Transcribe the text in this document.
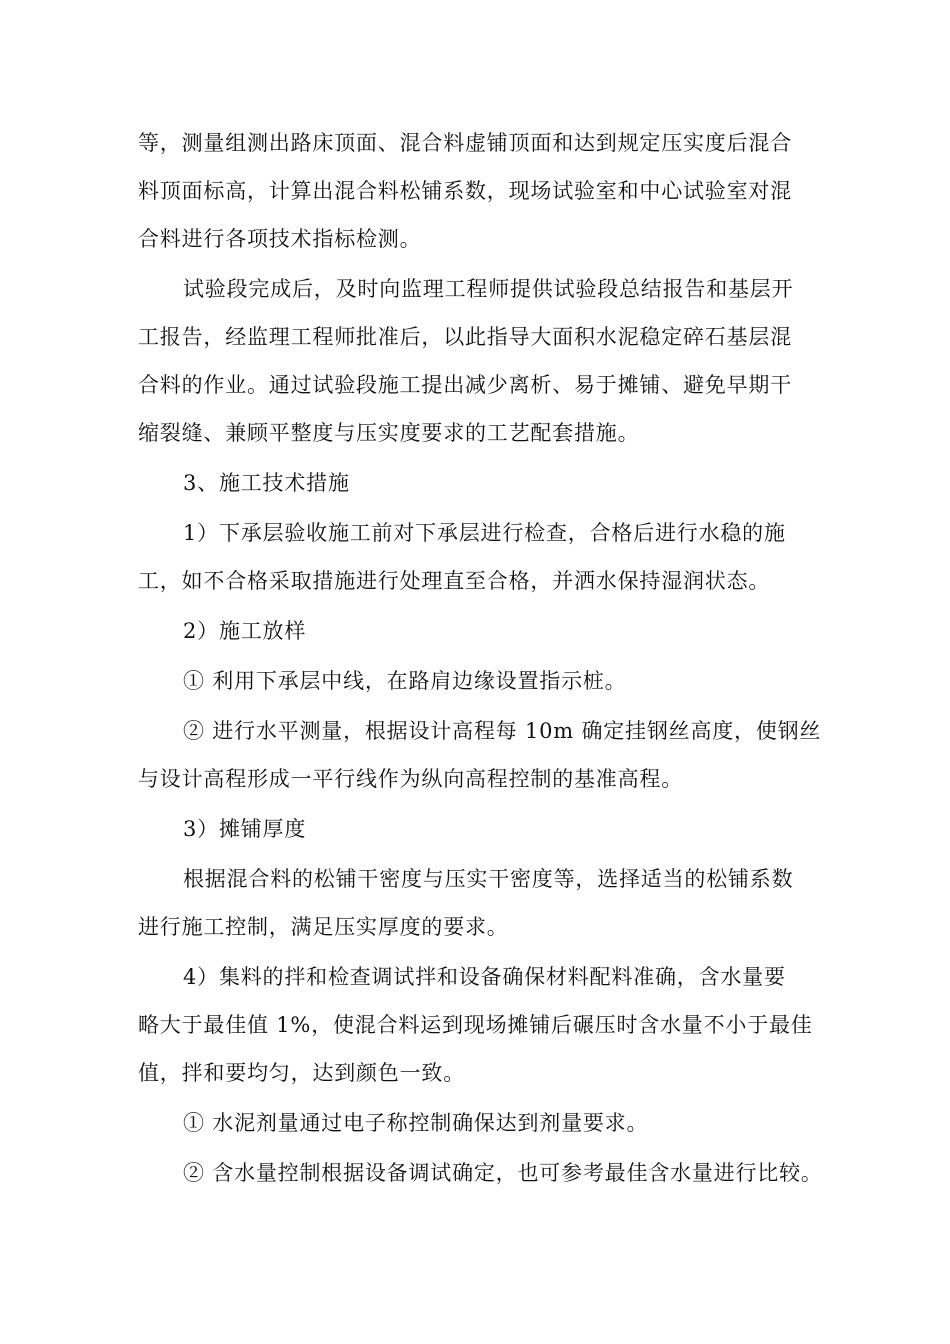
等，测量组测出路床顶面、混合料虚铺顶面和达到规定压实度后混合
料顶面标高，计算出混合料松铺系数，现场试验室和中心试验室对混
合料进行各项技术指标检测。
试验段完成后，及时向监理工程师提供试验段总结报告和基层开
工报告，经监理工程师批准后，以此指导大面积水泥稳定碎石基层混
合料的作业。通过试验段施工提出减少离析、易于摊铺、避免早期干
缩裂缝、兼顾平整度与压实度要求的工艺配套措施。
3、施工技术措施
1）下承层验收施工前对下承层进行检查，合格后进行水稳的施
工，如不合格采取措施进行处理直至合格，并洒水保持湿润状态。
2）施工放样
① 利用下承层中线，在路肩边缘设置指示桩。
② 进行水平测量，根据设计高程每 10m 确定挂钢丝高度，使钢丝
与设计高程形成一平行线作为纵向高程控制的基准高程。
3）摊铺厚度
根据混合料的松铺干密度与压实干密度等，选择适当的松铺系数
进行施工控制，满足压实厚度的要求。
4）集料的拌和检查调试拌和设备确保材料配料准确，含水量要
略大于最佳值 1%，使混合料运到现场摊铺后碾压时含水量不小于最佳
值，拌和要均匀，达到颜色一致。
① 水泥剂量通过电子称控制确保达到剂量要求。
② 含水量控制根据设备调试确定，也可参考最佳含水量进行比较。
